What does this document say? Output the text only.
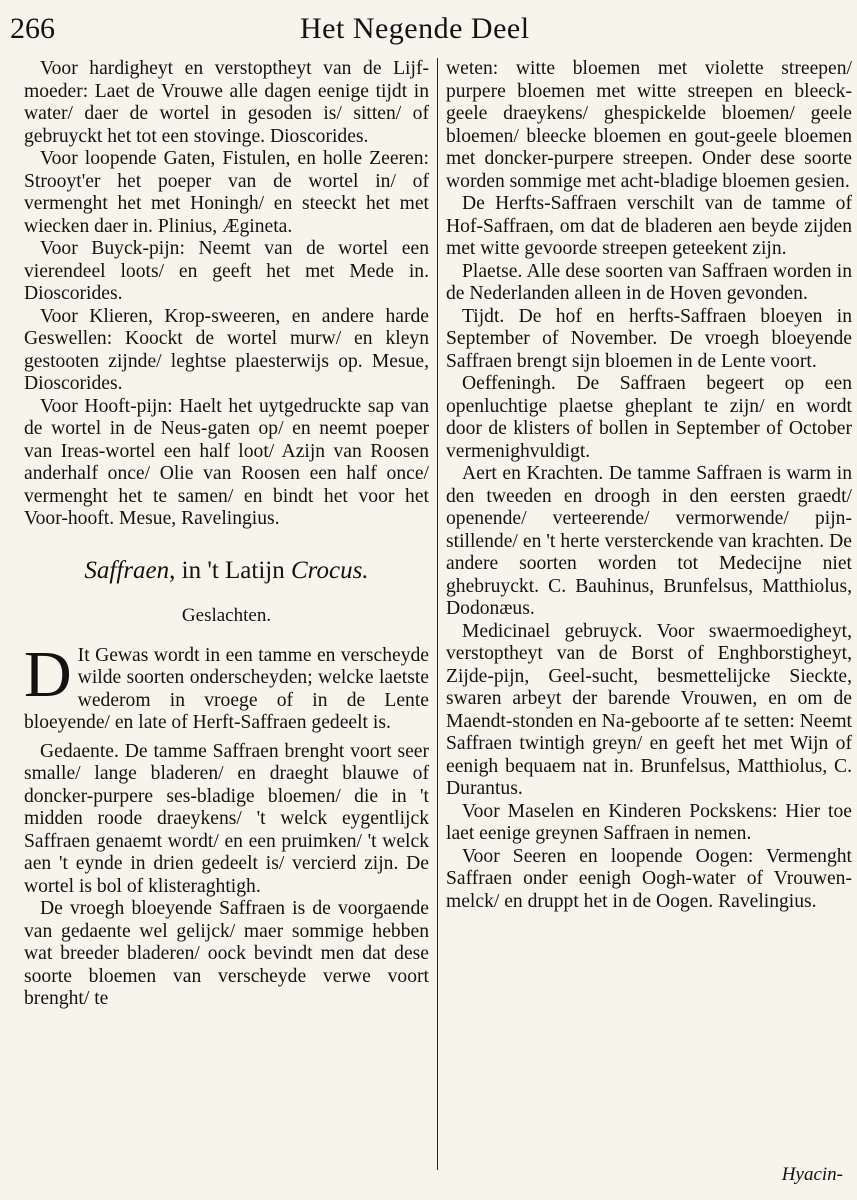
266	Het Negende Deel

Voor hardigheyt en verstoptheyt van de Lijf-moeder: Laet de Vrouwe alle dagen eenige tijdt in water/ daer de wortel in gesoden is/ sitten/ of gebruyckt het tot een stovinge. Dioscorides.

Voor loopende Gaten, Fistulen, en holle Zeeren: Strooyt'er het poeper van de wortel in/ of vermenght het met Honingh/ en steeckt het met wiecken daer in. Plinius, Ægineta.

Voor Buyck-pijn: Neemt van de wortel een vierendeel loots/ en geeft het met Mede in. Dioscorides.

Voor Klieren, Krop-sweeren, en andere harde Geswellen: Koockt de wortel murw/ en kleyn gestooten zijnde/ leghtse plaesterwijs op. Mesue, Dioscorides.

Voor Hooft-pijn: Haelt het uytgedruckte sap van de wortel in de Neus-gaten op/ en neemt poeper van Ireas-wortel een half loot/ Azijn van Roosen anderhalf once/ Olie van Roosen een half once/ vermenght het te samen/ en bindt het voor het Voor-hooft. Mesue, Ravelingius.

Saffraen, in 't Latijn Crocus.
Geslachten.

D It Gewas wordt in een tamme en verscheyde wilde soorten onderscheyden; welcke laetste wederom in vroege of in de Lente bloeyende/ en late of Herft-Saffraen gedeelt is.

Gedaente. De tamme Saffraen brenght voort seer smalle/ lange bladeren/ en draeght blauwe of doncker-purpere ses-bladige bloemen/ die in 't midden roode draeykens/ 't welck eygentlijck Saffraen genaemt wordt/ en een pruimken/ 't welck aen 't eynde in drien gedeelt is/ vercierd zijn. De wortel is bol of klisteraghtigh.

De vroegh bloeyende Saffraen is de voorgaende van gedaente wel gelijck/ maer sommige hebben wat breeder bladeren/ oock bevindt men dat dese soorte bloemen van verscheyde verwe voort brenght/ te

weten: witte bloemen met violette streepen/ purpere bloemen met witte streepen en bleeck-geele draeykens/ ghespickelde bloemen/ geele bloemen/ bleecke bloemen en gout-geele bloemen met doncker-purpere streepen. Onder dese soorte worden sommige met acht-bladige bloemen gesien.

De Herfts-Saffraen verschilt van de tamme of Hof-Saffraen, om dat de bladeren aen beyde zijden met witte gevoorde streepen geteekent zijn.

Plaetse. Alle dese soorten van Saffraen worden in de Nederlanden alleen in de Hoven gevonden.

Tijdt. De hof en herfts-Saffraen bloeyen in September of November. De vroegh bloeyende Saffraen brengt sijn bloemen in de Lente voort.

Oeffeningh. De Saffraen begeert op een openluchtige plaetse gheplant te zijn/ en wordt door de klisters of bollen in September of October vermenighvuldigt.

Aert en Krachten. De tamme Saffraen is warm in den tweeden en droogh in den eersten graedt/ openende/ verteerende/ vermorwende/ pijn-stillende/ en 't herte versterckende van krachten. De andere soorten worden tot Medecijne niet ghebruyckt. C. Bauhinus, Brunfelsus, Matthiolus, Dodonæus.

Medicinael gebruyck. Voor swaermoedigheyt, verstoptheyt van de Borst of Enghborstigheyt, Zijde-pijn, Geel-sucht, besmettelijcke Sieckte, swaren arbeyt der barende Vrouwen, en om de Maendt-stonden en Na-geboorte af te setten: Neemt Saffraen twintigh greyn/ en geeft het met Wijn of eenigh bequaem nat in. Brunfelsus, Matthiolus, C. Durantus.

Voor Maselen en Kinderen Pockskens: Hier toe laet eenige greynen Saffraen in nemen.

Voor Seeren en loopende Oogen: Vermenght Saffraen onder eenigh Oogh-water of Vrouwen-melck/ en druppt het in de Oogen. Ravelingius.

Hyacin-
